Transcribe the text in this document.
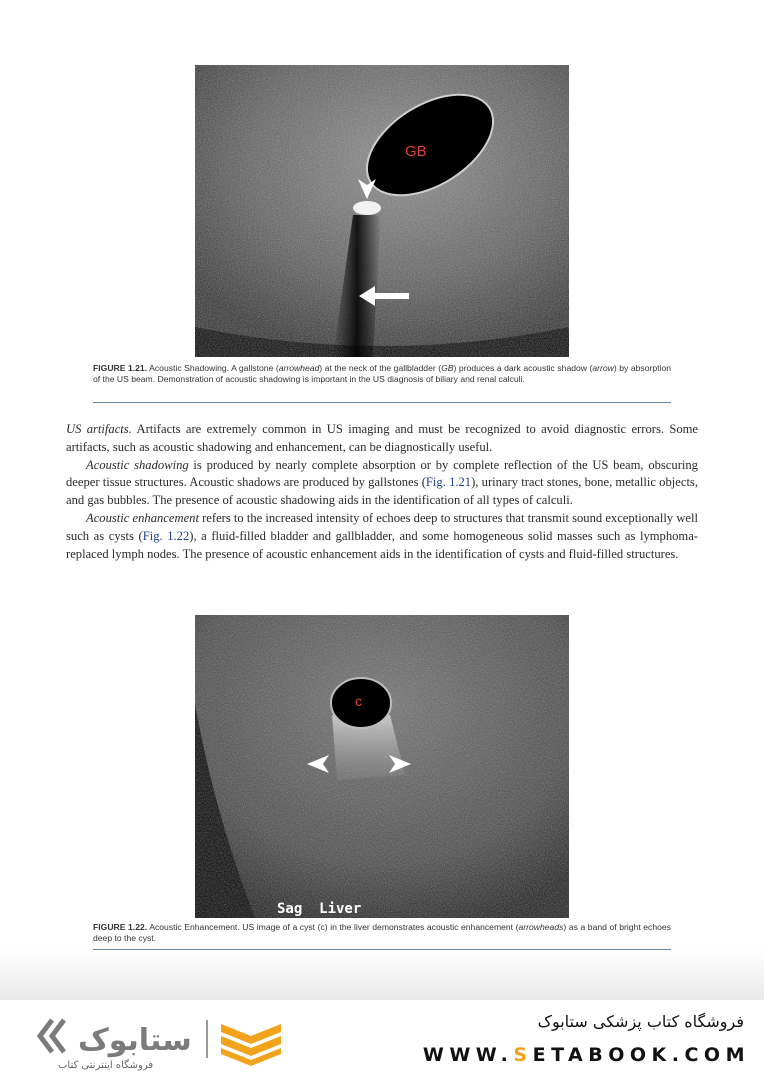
GB
FIGURE 1.21. Acoustic Shadowing. A gallstone (arrowhead) at the neck of the gallbladder (GB) produces a dark acoustic shadow (arrow) by absorption of the US beam. Demonstration of acoustic shadowing is important in the US diagnosis of biliary and renal calculi.

US artifacts. Artifacts are extremely common in US imaging and must be recognized to avoid diagnostic errors. Some artifacts, such as acoustic shadowing and enhancement, can be diagnostically useful.

Acoustic shadowing is produced by nearly complete absorption or by complete reflection of the US beam, obscuring deeper tissue structures. Acoustic shadows are produced by gallstones (Fig. 1.21), urinary tract stones, bone, metallic objects, and gas bubbles. The presence of acoustic shadowing aids in the identification of all types of calculi.

Acoustic enhancement refers to the increased intensity of echoes deep to structures that transmit sound exceptionally well such as cysts (Fig. 1.22), a fluid-filled bladder and gallbladder, and some homogeneous solid masses such as lymphoma-replaced lymph nodes. The presence of acoustic enhancement aids in the identification of cysts and fluid-filled structures.

c
Sag  Liver
FIGURE 1.22. Acoustic Enhancement. US image of a cyst (c) in the liver demonstrates acoustic enhancement (arrowheads) as a band of bright echoes deep to the cyst.
ستابوک
فروشگاه اینترنتی کتاب
فروشگاه کتاب پزشکی ستابوک
WWW.SETABOOK.COM
